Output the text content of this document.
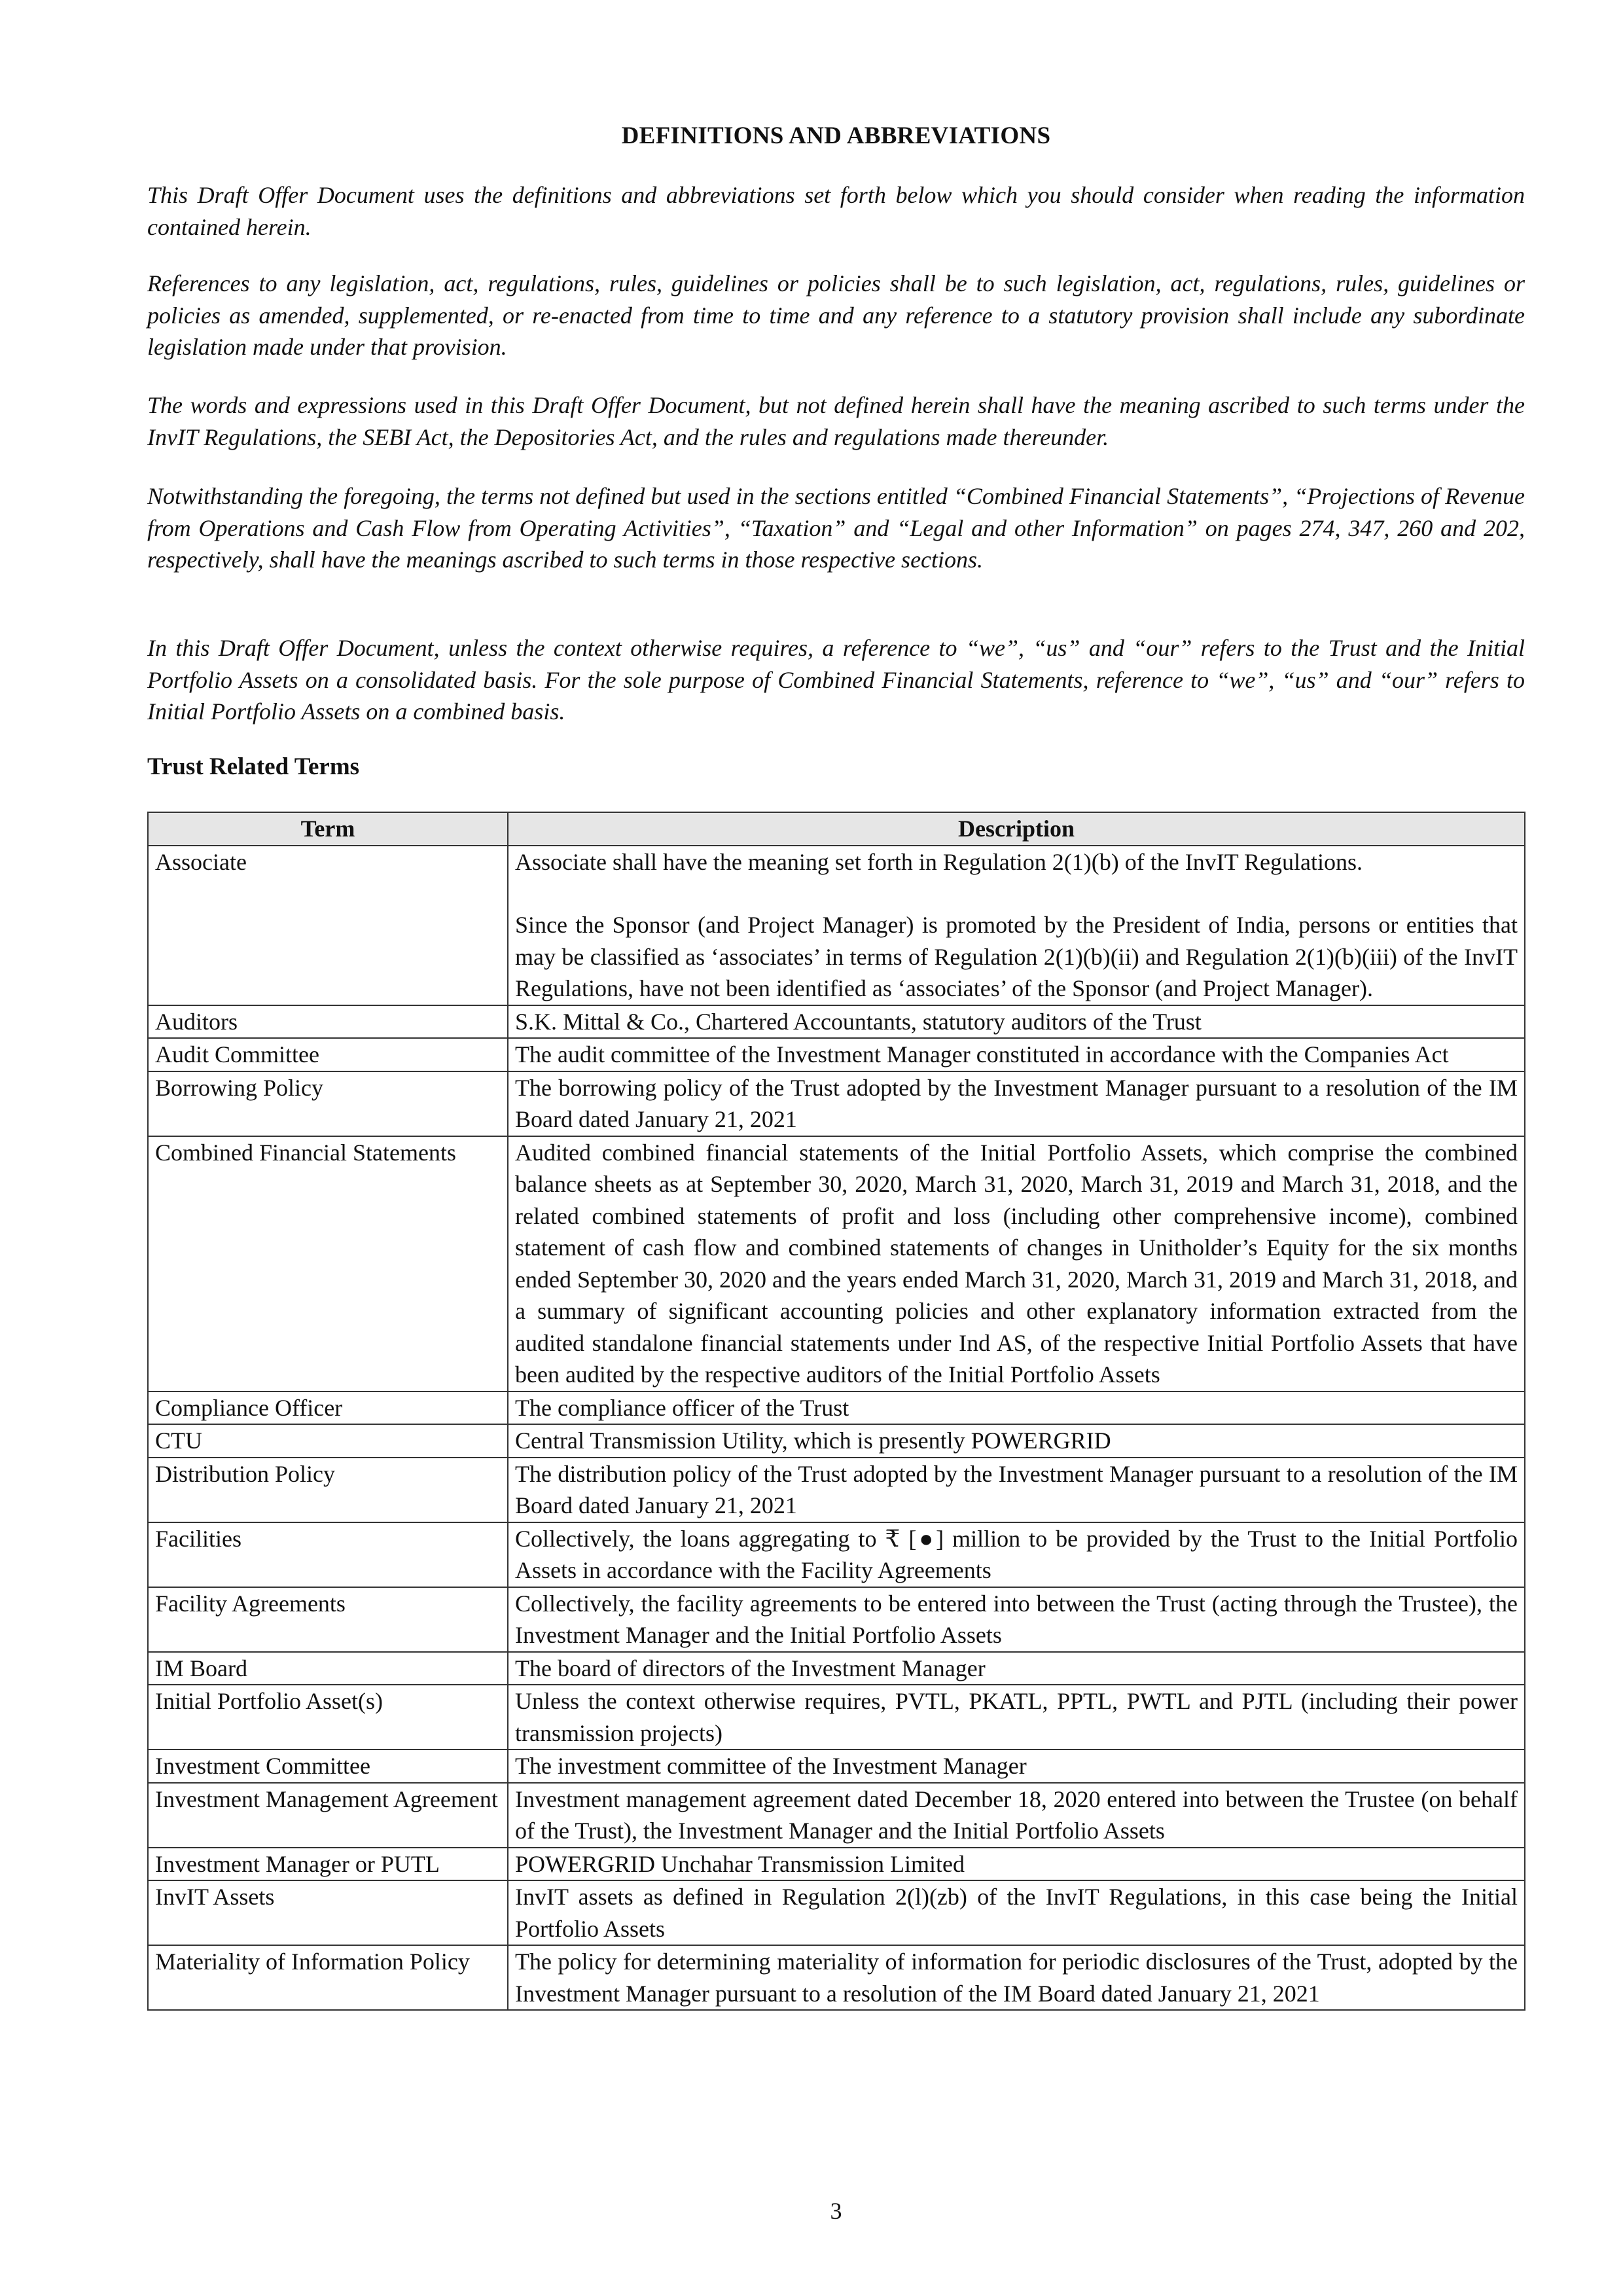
DEFINITIONS AND ABBREVIATIONS

This Draft Offer Document uses the definitions and abbreviations set forth below which you should consider when reading the information contained herein.

References to any legislation, act, regulations, rules, guidelines or policies shall be to such legislation, act, regulations, rules, guidelines or policies as amended, supplemented, or re-enacted from time to time and any reference to a statutory provision shall include any subordinate legislation made under that provision.

The words and expressions used in this Draft Offer Document, but not defined herein shall have the meaning ascribed to such terms under the InvIT Regulations, the SEBI Act, the Depositories Act, and the rules and regulations made thereunder.

Notwithstanding the foregoing, the terms not defined but used in the sections entitled “Combined Financial Statements”, “Projections of Revenue from Operations and Cash Flow from Operating Activities”, “Taxation” and “Legal and other Information” on pages 274, 347, 260 and 202, respectively, shall have the meanings ascribed to such terms in those respective sections.

In this Draft Offer Document, unless the context otherwise requires, a reference to “we”, “us” and “our” refers to the Trust and the Initial Portfolio Assets on a consolidated basis. For the sole purpose of Combined Financial Statements, reference to “we”, “us” and “our” refers to Initial Portfolio Assets on a combined basis.

Trust Related Terms
Term	Description
Associate	Associate shall have the meaning set forth in Regulation 2(1)(b) of the InvIT Regulations.

Since the Sponsor (and Project Manager) is promoted by the President of India, persons or entities that may be classified as ‘associates’ in terms of Regulation 2(1)(b)(ii) and Regulation 2(1)(b)(iii) of the InvIT Regulations, have not been identified as ‘associates’ of the Sponsor (and Project Manager).

Auditors	S.K. Mittal & Co., Chartered Accountants, statutory auditors of the Trust

Audit Committee	The audit committee of the Investment Manager constituted in accordance with the Companies Act

Borrowing Policy	The borrowing policy of the Trust adopted by the Investment Manager pursuant to a resolution of the IM Board dated January 21, 2021

Combined Financial Statements	Audited combined financial statements of the Initial Portfolio Assets, which comprise the combined balance sheets as at September 30, 2020, March 31, 2020, March 31, 2019 and March 31, 2018, and the related combined statements of profit and loss (including other comprehensive income), combined statement of cash flow and combined statements of changes in Unitholder’s Equity for the six months ended September 30, 2020 and the years ended March 31, 2020, March 31, 2019 and March 31, 2018, and a summary of significant accounting policies and other explanatory information extracted from the audited standalone financial statements under Ind AS, of the respective Initial Portfolio Assets that have been audited by the respective auditors of the Initial Portfolio Assets

Compliance Officer	The compliance officer of the Trust

CTU	Central Transmission Utility, which is presently POWERGRID

Distribution Policy	The distribution policy of the Trust adopted by the Investment Manager pursuant to a resolution of the IM Board dated January 21, 2021

Facilities	Collectively, the loans aggregating to ₹ [●] million to be provided by the Trust to the Initial Portfolio Assets in accordance with the Facility Agreements

Facility Agreements	Collectively, the facility agreements to be entered into between the Trust (acting through the Trustee), the Investment Manager and the Initial Portfolio Assets

IM Board	The board of directors of the Investment Manager

Initial Portfolio Asset(s)	Unless the context otherwise requires, PVTL, PKATL, PPTL, PWTL and PJTL (including their power transmission projects)

Investment Committee	The investment committee of the Investment Manager

Investment Management Agreement	Investment management agreement dated December 18, 2020 entered into between the Trustee (on behalf of the Trust), the Investment Manager and the Initial Portfolio Assets

Investment Manager or PUTL	POWERGRID Unchahar Transmission Limited

InvIT Assets	InvIT assets as defined in Regulation 2(l)(zb) of the InvIT Regulations, in this case being the Initial Portfolio Assets

Materiality of Information Policy	The policy for determining materiality of information for periodic disclosures of the Trust, adopted by the Investment Manager pursuant to a resolution of the IM Board dated January 21, 2021

3
